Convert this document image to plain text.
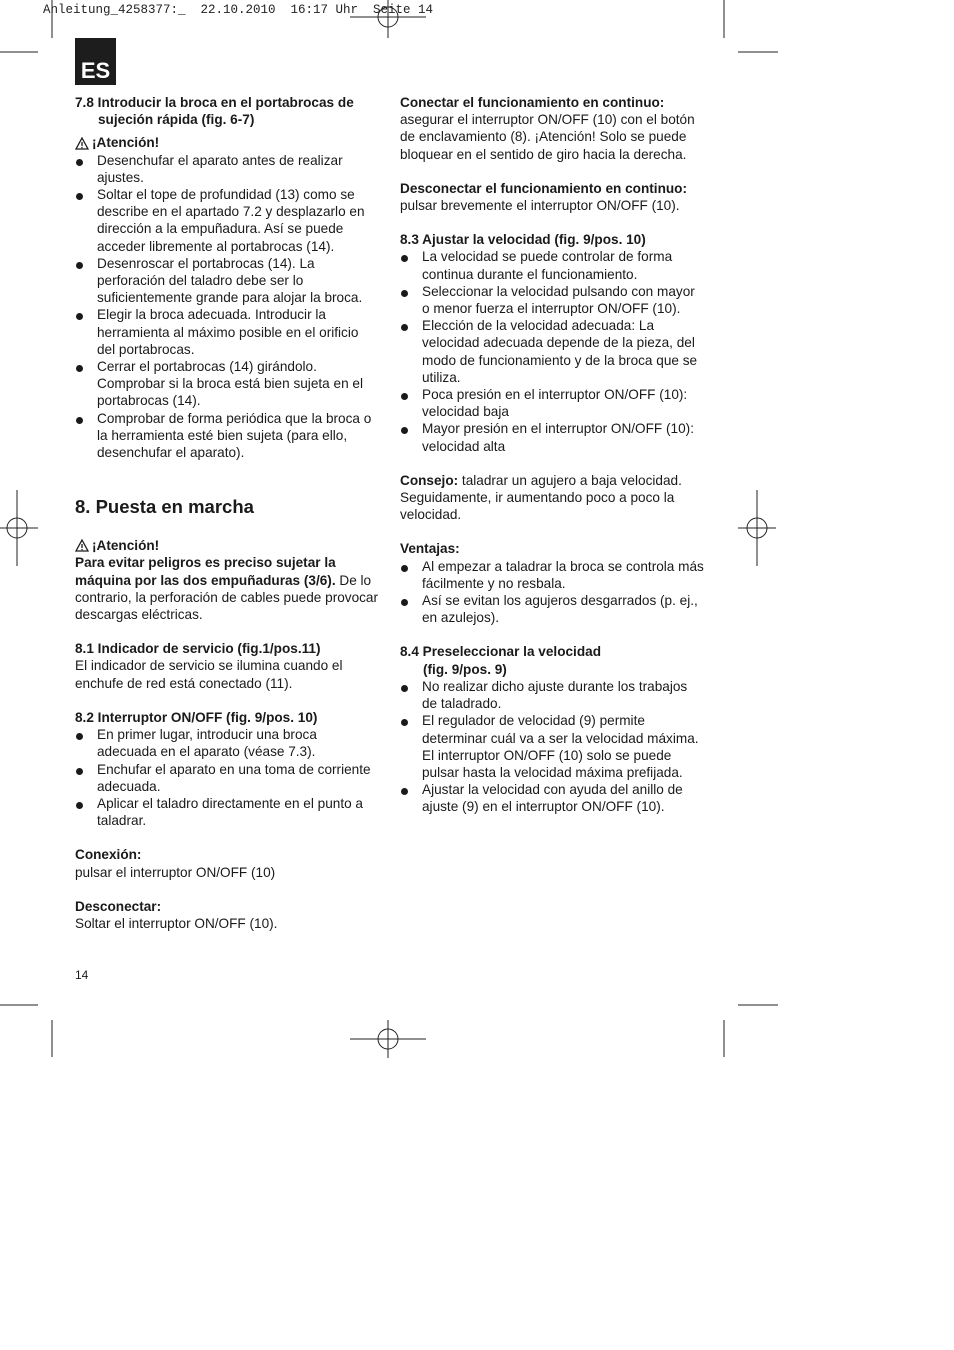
Anleitung_4258377:_  22.10.2010  16:17 Uhr  Seite 14
ES

7.8 Introducir la broca en el portabrocas de

sujeción rápida (fig. 6-7)

¡Atención!
Desenchufar el aparato antes de realizar ajustes.
Soltar el tope de profundidad (13) como se describe en el apartado 7.2 y desplazarlo en dirección a la empuñadura. Así se puede acceder libremente al portabrocas (14).
Desenroscar el portabrocas (14). La perforación del taladro debe ser lo suficientemente grande para alojar la broca.
Elegir la broca adecuada. Introducir la herramienta al máximo posible en el orificio del portabrocas.
Cerrar el portabrocas (14) girándolo. Comprobar si la broca está bien sujeta en el portabrocas (14).
Comprobar de forma periódica que la broca o la herramienta esté bien sujeta (para ello, desenchufar el aparato).

8. Puesta en marcha

¡Atención!

Para evitar peligros es preciso sujetar la máquina por las dos empuñaduras (3/6). De lo contrario, la perforación de cables puede provocar descargas eléctricas.

8.1 Indicador de servicio (fig.1/pos.11)

El indicador de servicio se ilumina cuando el enchufe de red está conectado (11).

8.2 Interruptor ON/OFF (fig. 9/pos. 10)

En primer lugar, introducir una broca adecuada en el aparato (véase 7.3).
Enchufar el aparato en una toma de corriente adecuada.
Aplicar el taladro directamente en el punto a taladrar.

Conexión:

pulsar el interruptor ON/OFF (10)

Desconectar:

Soltar el interruptor ON/OFF (10).

Conectar el funcionamiento en continuo:

asegurar el interruptor ON/OFF (10) con el botón de enclavamiento (8). ¡Atención! Solo se puede bloquear en el sentido de giro hacia la derecha.

Desconectar el funcionamiento en continuo:

pulsar brevemente el interruptor ON/OFF (10).

8.3 Ajustar la velocidad (fig. 9/pos. 10)

La velocidad se puede controlar de forma continua durante el funcionamiento.
Seleccionar la velocidad pulsando con mayor o menor fuerza el interruptor ON/OFF (10).
Elección de la velocidad adecuada: La velocidad adecuada depende de la pieza, del modo de funcionamiento y de la broca que se utiliza.
Poca presión en el interruptor ON/OFF (10): velocidad baja
Mayor presión en el interruptor ON/OFF (10): velocidad alta

Consejo: taladrar un agujero a baja velocidad. Seguidamente, ir aumentando poco a poco la velocidad.

Ventajas:

Al empezar a taladrar la broca se controla más fácilmente y no resbala.
Así se evitan los agujeros desgarrados (p. ej., en azulejos).

8.4 Preseleccionar la velocidad

(fig. 9/pos. 9)

No realizar dicho ajuste durante los trabajos de taladrado.
El regulador de velocidad (9) permite determinar cuál va a ser la velocidad máxima. El interruptor ON/OFF (10) solo se puede pulsar hasta la velocidad máxima prefijada.
Ajustar la velocidad con ayuda del anillo de ajuste (9) en el interruptor ON/OFF (10).
14
